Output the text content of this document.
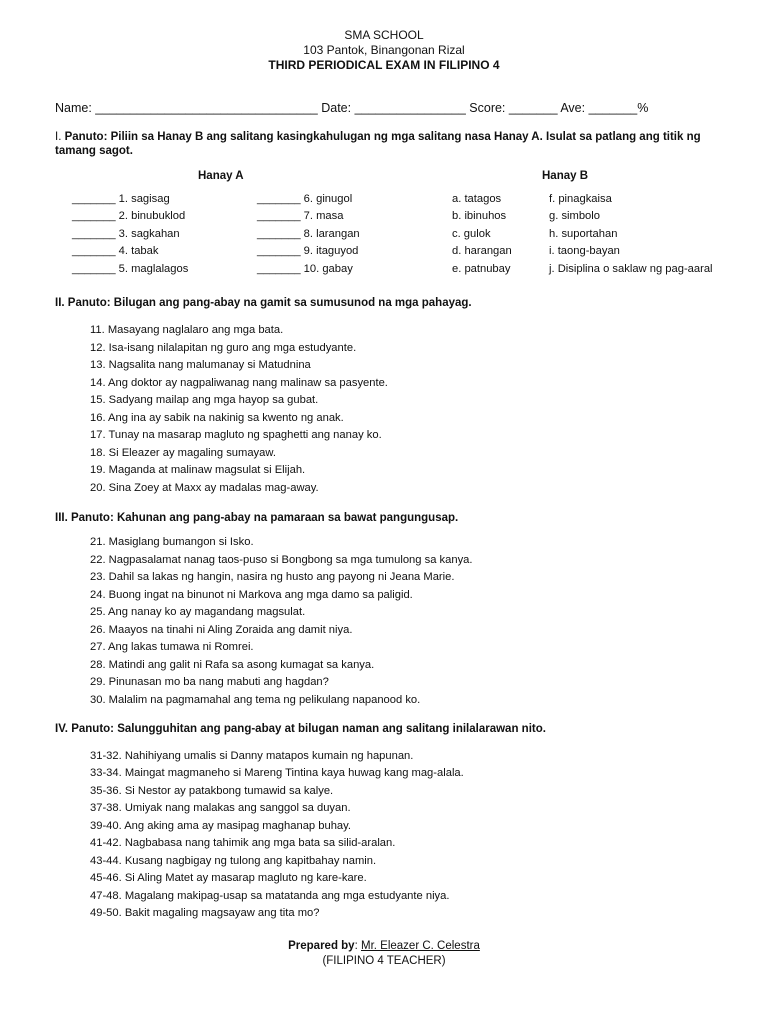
SMA SCHOOL
103 Pantok, Binangonan Rizal
THIRD PERIODICAL EXAM IN FILIPINO 4
Name: ________________________________ Date: ________________ Score: _______ Ave: _______%
I. Panuto: Piliin sa Hanay B ang salitang kasingkahulugan ng mga salitang nasa Hanay A. Isulat sa patlang ang titik ng tamang sagot.
Hanay A	Hanay B
_______ 1. sagisag
_______ 2. binubuklod
_______ 3. sagkahan
_______ 4. tabak
_______ 5. maglalagos
_______ 6. ginugol
_______ 7. masa
_______ 8. larangan
_______ 9. itaguyod
_______ 10. gabay
a. tatagos
b. ibinuhos
c. gulok
d. harangan
e. patnubay
f. pinagkaisa
g. simbolo
h. suportahan
i. taong-bayan
j. Disiplina o saklaw ng pag-aaral
II. Panuto: Bilugan ang pang-abay na gamit sa sumusunod na mga pahayag.
11. Masayang naglalaro ang mga bata.
12. Isa-isang nilalapitan ng guro ang mga estudyante.
13. Nagsalita nang malumanay si Matudnina
14. Ang doktor ay nagpaliwanag nang malinaw sa pasyente.
15. Sadyang mailap ang mga hayop sa gubat.
16. Ang ina ay sabik na nakinig sa kwento ng anak.
17. Tunay na masarap magluto ng spaghetti ang nanay ko.
18. Si Eleazer ay magaling sumayaw.
19. Maganda at malinaw magsulat si Elijah.
20. Sina Zoey at Maxx ay madalas mag-away.
III. Panuto: Kahunan ang pang-abay na pamaraan sa bawat pangungusap.
21. Masiglang bumangon si Isko.
22. Nagpasalamat nanag taos-puso si Bongbong sa mga tumulong sa kanya.
23. Dahil sa lakas ng hangin, nasira ng husto ang payong ni Jeana Marie.
24. Buong ingat na binunot ni Markova ang mga damo sa paligid.
25. Ang nanay ko ay magandang magsulat.
26. Maayos na tinahi ni Aling Zoraida ang damit niya.
27. Ang lakas tumawa ni Romrei.
28. Matindi ang galit ni Rafa sa asong kumagat sa kanya.
29. Pinunasan mo ba nang mabuti ang hagdan?
30. Malalim na pagmamahal ang tema ng pelikulang napanood ko.
IV. Panuto: Salungguhitan ang pang-abay at bilugan naman ang salitang inilalarawan nito.
31-32. Nahihiyang umalis si Danny matapos kumain ng hapunan.
33-34. Maingat magmaneho si Mareng Tintina kaya huwag kang mag-alala.
35-36. Si Nestor ay patakbong tumawid sa kalye.
37-38. Umiyak nang malakas ang sanggol sa duyan.
39-40. Ang aking ama ay masipag maghanap buhay.
41-42. Nagbabasa nang tahimik ang mga bata sa silid-aralan.
43-44. Kusang nagbigay ng tulong ang kapitbahay namin.
45-46. Si Aling Matet ay masarap magluto ng kare-kare.
47-48. Magalang makipag-usap sa matatanda ang mga estudyante niya.
49-50. Bakit magaling magsayaw ang tita mo?
Prepared by: Mr. Eleazer C. Celestra
(FILIPINO 4 TEACHER)
